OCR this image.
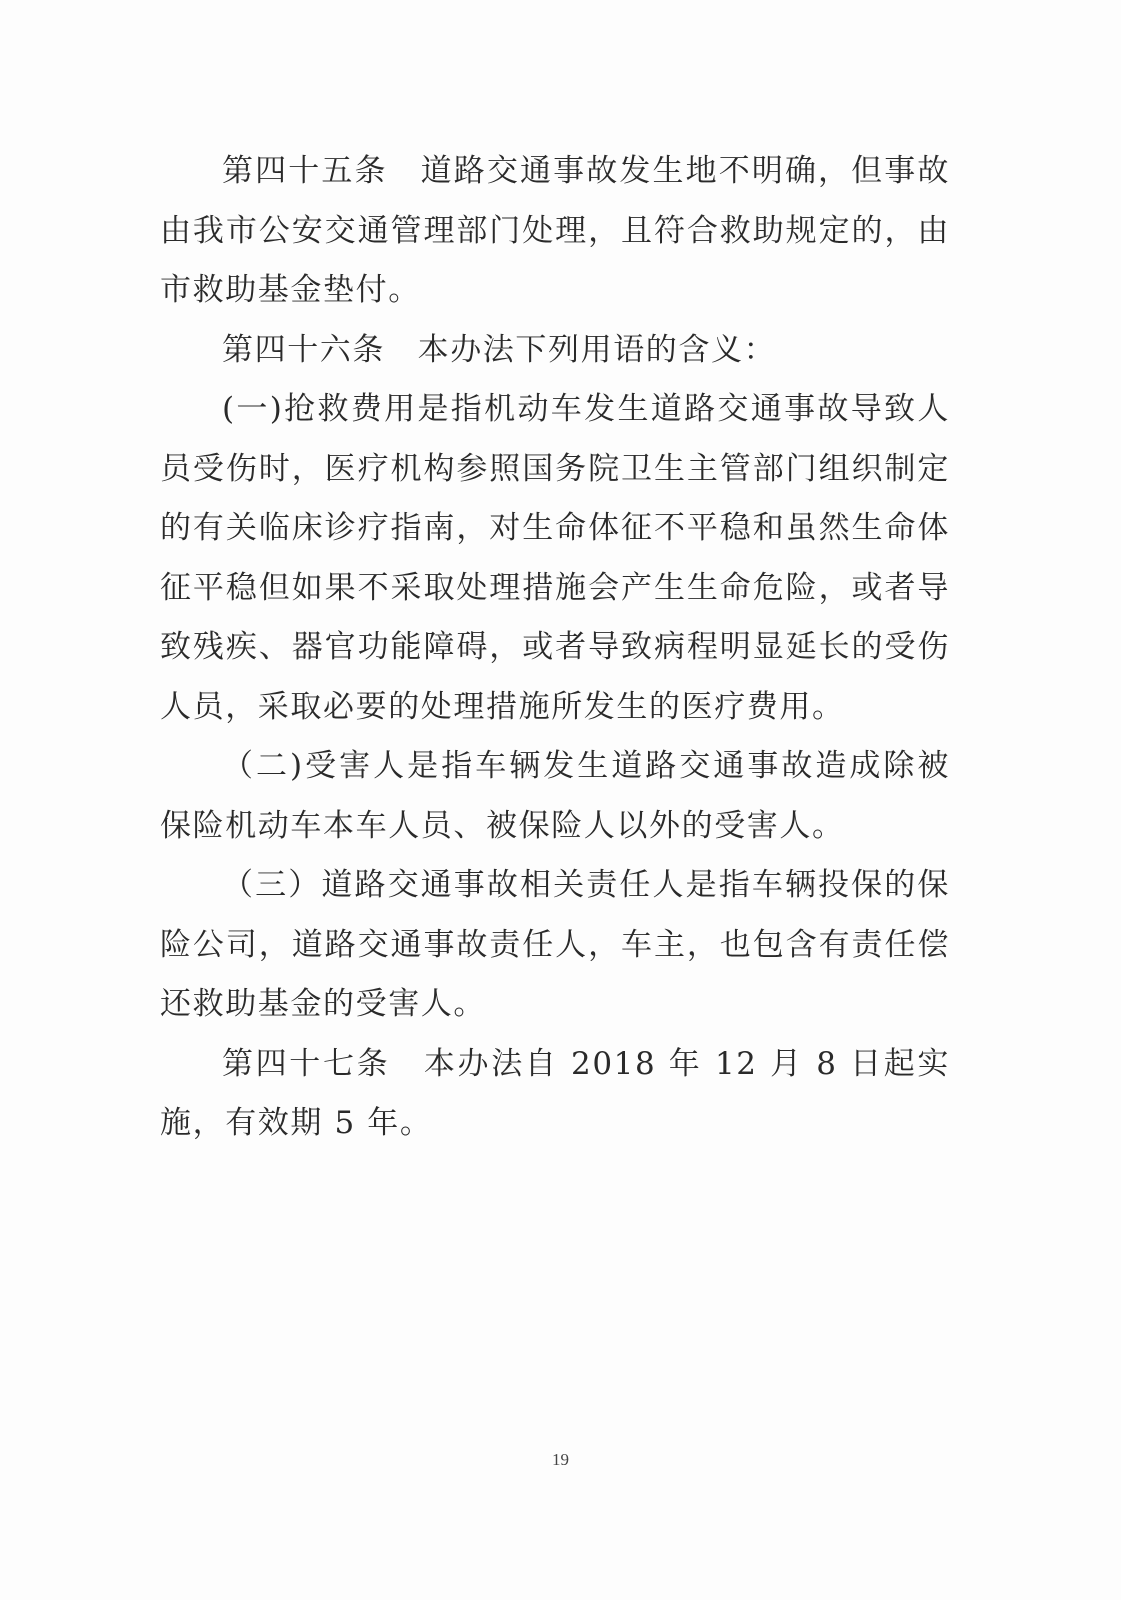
第四十五条　道路交通事故发生地不明确，但事故由我市公安交通管理部门处理，且符合救助规定的，由市救助基金垫付。

第四十六条　本办法下列用语的含义：

(一)抢救费用是指机动车发生道路交通事故导致人员受伤时，医疗机构参照国务院卫生主管部门组织制定的有关临床诊疗指南，对生命体征不平稳和虽然生命体征平稳但如果不采取处理措施会产生生命危险，或者导致残疾、器官功能障碍，或者导致病程明显延长的受伤人员，采取必要的处理措施所发生的医疗费用。

（二)受害人是指车辆发生道路交通事故造成除被保险机动车本车人员、被保险人以外的受害人。

（三）道路交通事故相关责任人是指车辆投保的保险公司，道路交通事故责任人，车主，也包含有责任偿还救助基金的受害人。

第四十七条　本办法自 2018 年 12 月 8 日起实施，有效期 5 年。

19
